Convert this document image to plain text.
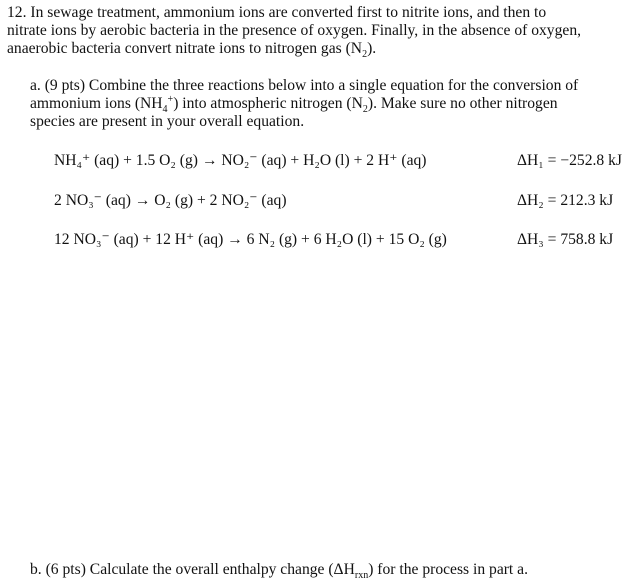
12. In sewage treatment, ammonium ions are converted first to nitrite ions, and then to
nitrate ions by aerobic bacteria in the presence of oxygen. Finally, in the absence of oxygen,
anaerobic bacteria convert nitrate ions to nitrogen gas $(N_2)$.
a. (9 pts) Combine the three reactions below into a single equation for the conversion of
ammonium ions $(NH_4^+)$ into atmospheric nitrogen $(N_2)$. Make sure no other nitrogen
species are present in your overall equation.
NH₄⁺ (aq) + 1.5 O₂ (g) → NO₂⁻ (aq) + H₂O (l) + 2 H⁺ (aq)	ΔH₁ = −252.8 kJ
2 NO₃⁻ (aq) → O₂ (g) + 2 NO₂⁻ (aq)	ΔH₂ = 212.3 kJ
12 NO₃⁻ (aq) + 12 H⁺ (aq) → 6 N₂ (g) + 6 H₂O (l) + 15 O₂ (g)	ΔH₃ = 758.8 kJ
b. (6 pts) Calculate the overall enthalpy change $(\Delta H_{rxn})$ for the process in part a.
